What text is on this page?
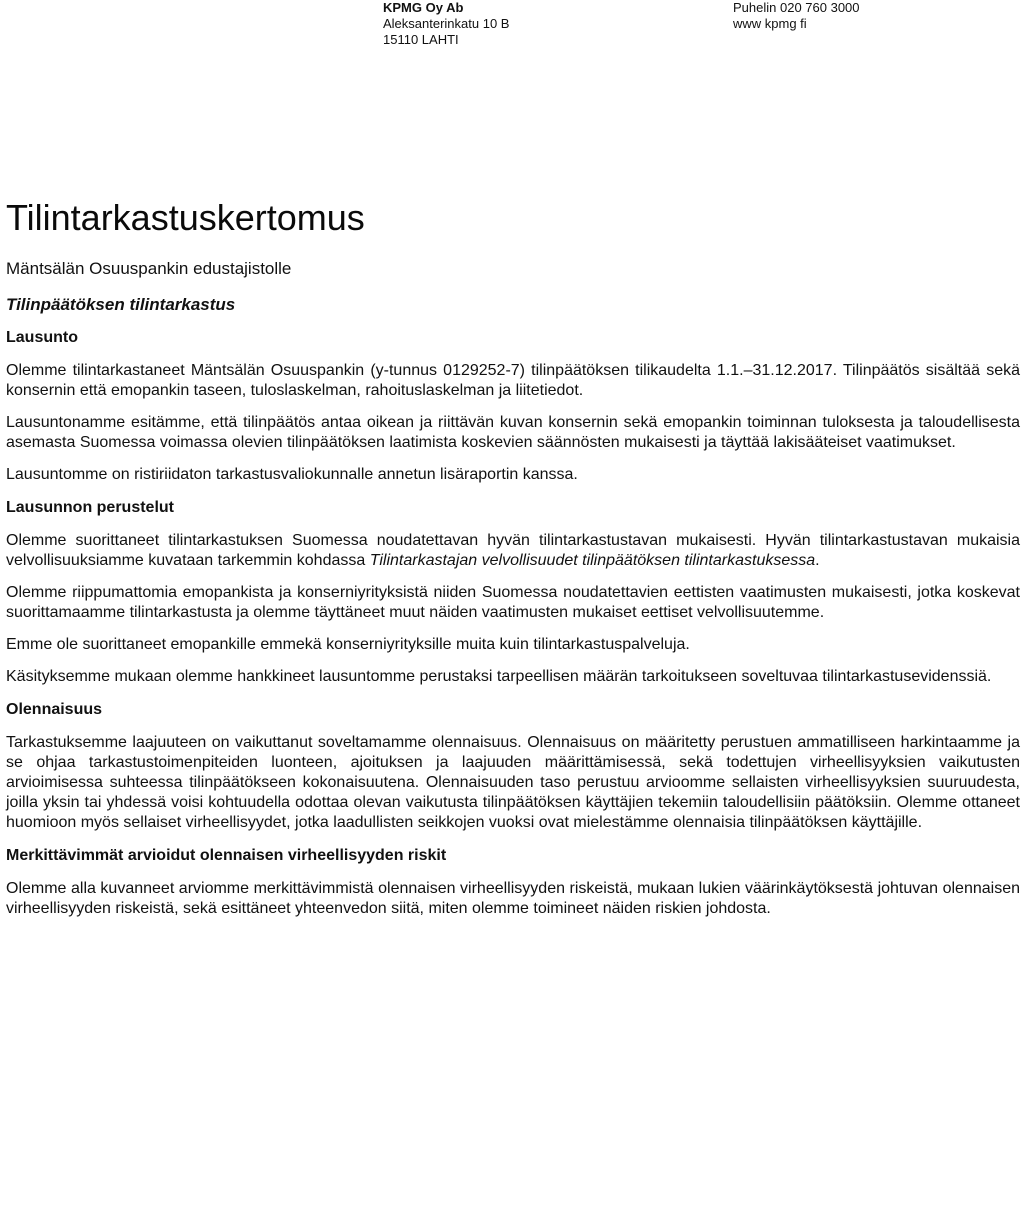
KPMG Oy Ab
Aleksanterinkatu 10 B
15110 LAHTI
Puhelin 020 760 3000
www kpmg fi
Tilintarkastuskertomus
Mäntsälän Osuuspankin edustajistolle
Tilinpäätöksen tilintarkastus
Lausunto

Olemme tilintarkastaneet Mäntsälän Osuuspankin (y-tunnus 0129252-7) tilinpäätöksen tilikaudelta 1.1.–31.12.2017. Tilinpäätös sisältää sekä konsernin että emopankin taseen, tuloslaskelman, rahoituslaskelman ja liitetiedot.

Lausuntonamme esitämme, että tilinpäätös antaa oikean ja riittävän kuvan konsernin sekä emopankin toiminnan tuloksesta ja taloudellisesta asemasta Suomessa voimassa olevien tilinpäätöksen laatimista koskevien säännösten mukaisesti ja täyttää lakisääteiset vaatimukset.

Lausuntomme on ristiriidaton tarkastusvaliokunnalle annetun lisäraportin kanssa.

Lausunnon perustelut

Olemme suorittaneet tilintarkastuksen Suomessa noudatettavan hyvän tilintarkastustavan mukaisesti. Hyvän tilintarkastustavan mukaisia velvollisuuksiamme kuvataan tarkemmin kohdassa Tilintarkastajan velvollisuudet tilinpäätöksen tilintarkastuksessa.

Olemme riippumattomia emopankista ja konserniyrityksistä niiden Suomessa noudatettavien eettisten vaatimusten mukaisesti, jotka koskevat suorittamaamme tilintarkastusta ja olemme täyttäneet muut näiden vaatimusten mukaiset eettiset velvollisuutemme.

Emme ole suorittaneet emopankille emmekä konserniyrityksille muita kuin tilintarkastuspalveluja.

Käsityksemme mukaan olemme hankkineet lausuntomme perustaksi tarpeellisen määrän tarkoitukseen soveltuvaa tilintarkastusevidenssiä.

Olennaisuus

Tarkastuksemme laajuuteen on vaikuttanut soveltamamme olennaisuus. Olennaisuus on määritetty perustuen ammatilliseen harkintaamme ja se ohjaa tarkastustoimenpiteiden luonteen, ajoituksen ja laajuuden määrittämisessä, sekä todettujen virheellisyyksien vaikutusten arvioimisessa suhteessa tilinpäätökseen kokonaisuutena. Olennaisuuden taso perustuu arvioomme sellaisten virheellisyyksien suuruudesta, joilla yksin tai yhdessä voisi kohtuudella odottaa olevan vaikutusta tilinpäätöksen käyttäjien tekemiin taloudellisiin päätöksiin. Olemme ottaneet huomioon myös sellaiset virheellisyydet, jotka laadullisten seikkojen vuoksi ovat mielestämme olennaisia tilinpäätöksen käyttäjille.

Merkittävimmät arvioidut olennaisen virheellisyyden riskit

Olemme alla kuvanneet arviomme merkittävimmistä olennaisen virheellisyyden riskeistä, mukaan lukien väärinkäytöksestä johtuvan olennaisen virheellisyyden riskeistä, sekä esittäneet yhteenvedon siitä, miten olemme toimineet näiden riskien johdosta.
